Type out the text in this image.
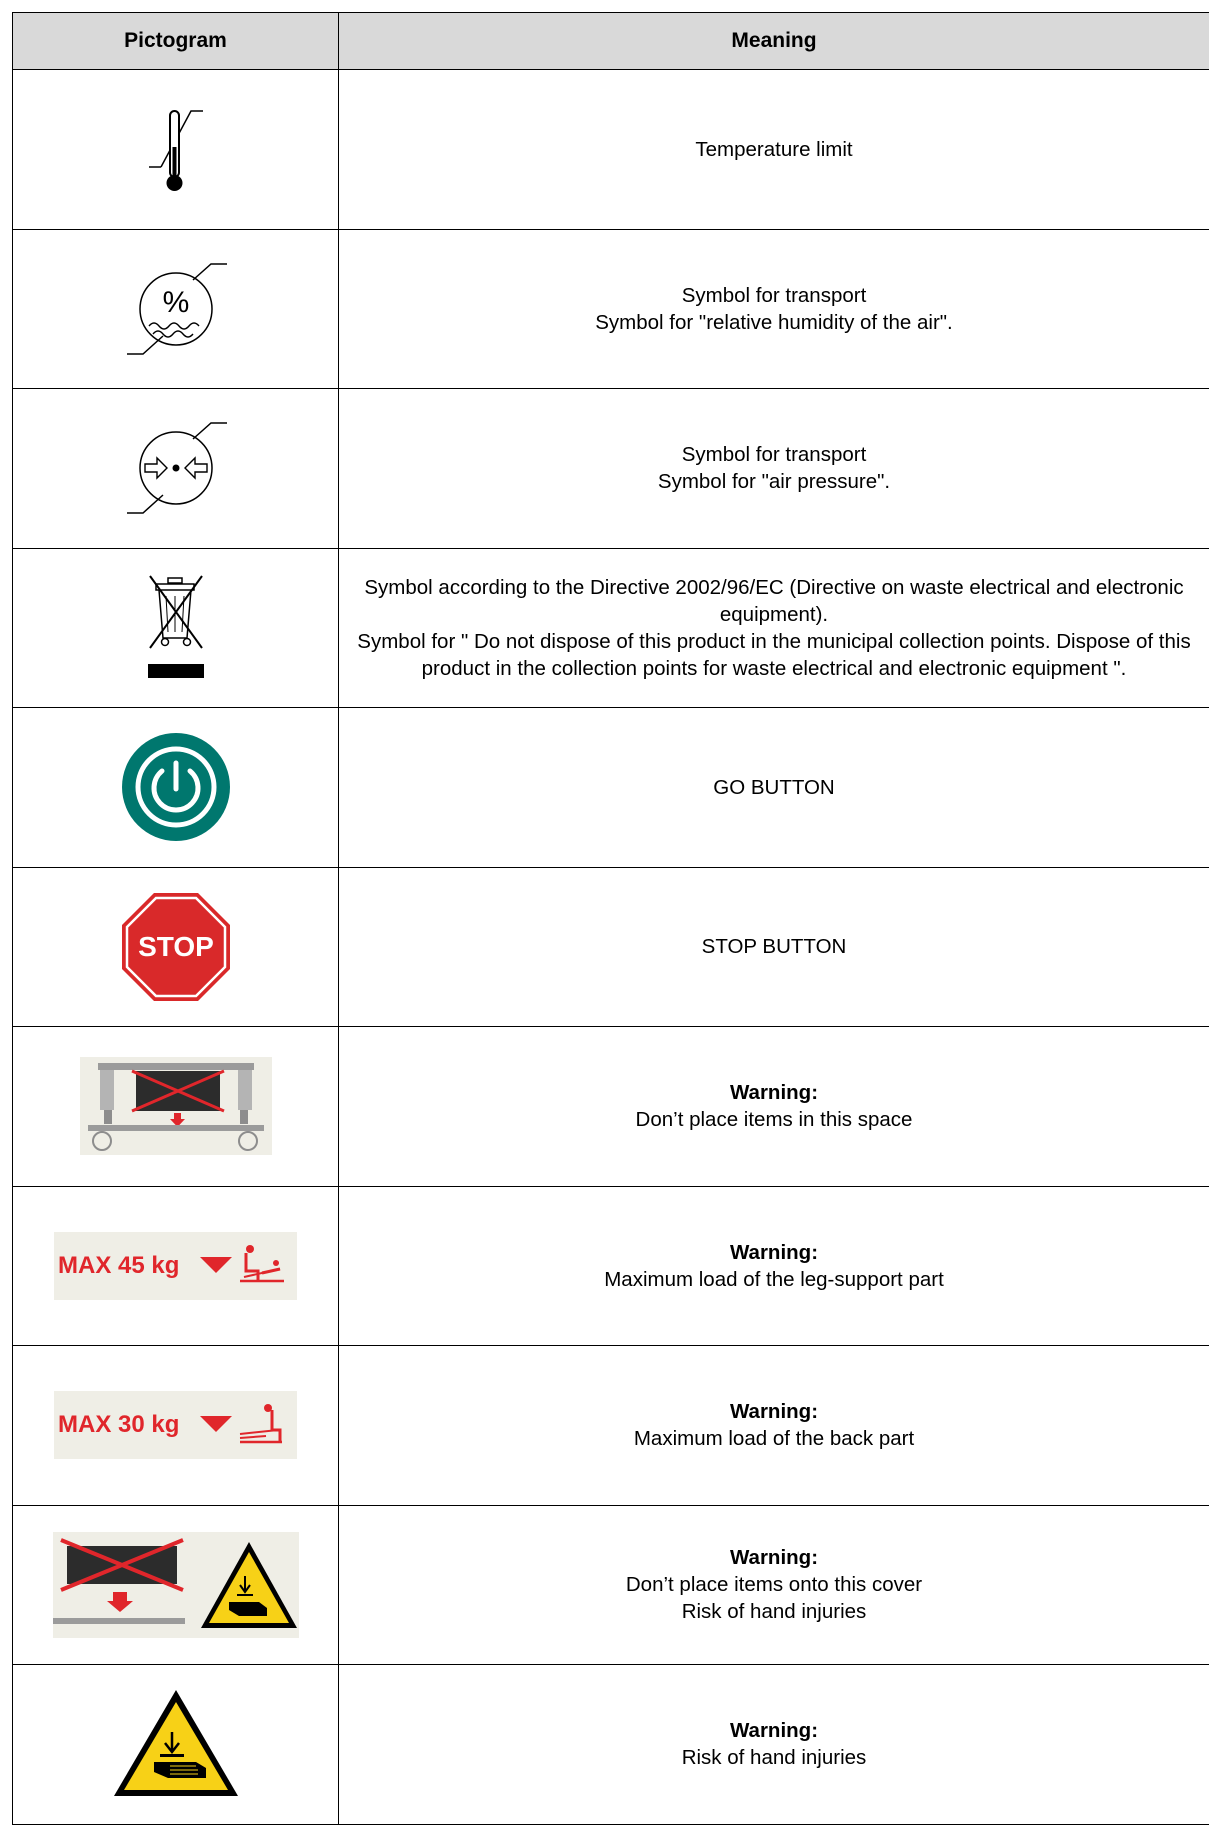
Pictogram	Meaning

Temperature limit

%	Symbol for transport
Symbol for "relative humidity of the air".

Symbol for transport
Symbol for "air pressure".

Symbol according to the Directive 2002/96/EC (Directive on waste electrical and electronic equipment).
Symbol for " Do not dispose of this product in the municipal collection points. Dispose of this product in the collection points for waste electrical and electronic equipment ".

GO BUTTON

STOP	STOP BUTTON

Warning:
Don’t place items in this space

MAX 45 kg	Warning:
Maximum load of the leg-support part

MAX 30 kg	Warning:
Maximum load of the back part

Warning:
Don’t place items onto this cover
Risk of hand injuries

Warning:
Risk of hand injuries
